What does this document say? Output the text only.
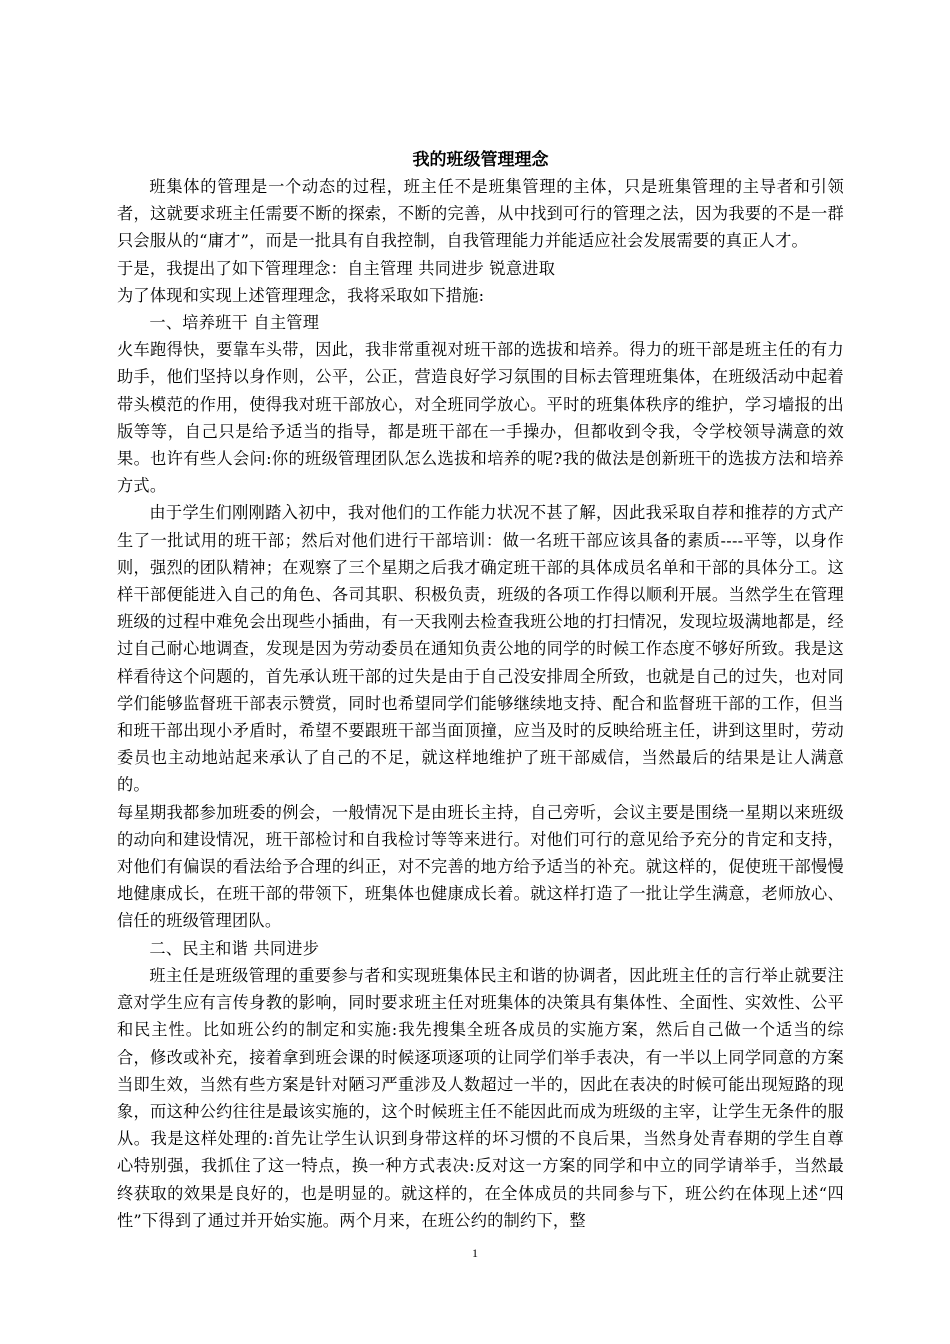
我的班级管理理念

班集体的管理是一个动态的过程，班主任不是班集管理的主体，只是班集管理的主导者和引领者，这就要求班主任需要不断的探索，不断的完善，从中找到可行的管理之法，因为我要的不是一群只会服从的“庸才”，而是一批具有自我控制，自我管理能力并能适应社会发展需要的真正人才。

于是，我提出了如下管理理念：自主管理 共同进步 锐意进取

为了体现和实现上述管理理念，我将采取如下措施:

一、培养班干 自主管理

火车跑得快，要靠车头带，因此，我非常重视对班干部的选拔和培养。得力的班干部是班主任的有力助手，他们坚持以身作则，公平，公正，营造良好学习氛围的目标去管理班集体，在班级活动中起着带头模范的作用，使得我对班干部放心，对全班同学放心。平时的班集体秩序的维护，学习墙报的出版等等，自己只是给予适当的指导，都是班干部在一手操办，但都收到令我，令学校领导满意的效果。也许有些人会问:你的班级管理团队怎么选拔和培养的呢?我的做法是创新班干的选拔方法和培养方式。

由于学生们刚刚踏入初中，我对他们的工作能力状况不甚了解，因此我采取自荐和推荐的方式产生了一批试用的班干部；然后对他们进行干部培训：做一名班干部应该具备的素质----平等，以身作则，强烈的团队精神；在观察了三个星期之后我才确定班干部的具体成员名单和干部的具体分工。这样干部便能进入自己的角色、各司其职、积极负责，班级的各项工作得以顺利开展。当然学生在管理班级的过程中难免会出现些小插曲，有一天我刚去检查我班公地的打扫情况，发现垃圾满地都是，经过自己耐心地调查，发现是因为劳动委员在通知负责公地的同学的时候工作态度不够好所致。我是这样看待这个问题的，首先承认班干部的过失是由于自己没安排周全所致，也就是自己的过失，也对同学们能够监督班干部表示赞赏，同时也希望同学们能够继续地支持、配合和监督班干部的工作，但当和班干部出现小矛盾时，希望不要跟班干部当面顶撞，应当及时的反映给班主任，讲到这里时，劳动委员也主动地站起来承认了自己的不足，就这样地维护了班干部威信，当然最后的结果是让人满意的。

每星期我都参加班委的例会，一般情况下是由班长主持，自己旁听，会议主要是围绕一星期以来班级的动向和建设情况，班干部检讨和自我检讨等等来进行。对他们可行的意见给予充分的肯定和支持，对他们有偏误的看法给予合理的纠正，对不完善的地方给予适当的补充。就这样的，促使班干部慢慢地健康成长，在班干部的带领下，班集体也健康成长着。就这样打造了一批让学生满意，老师放心、信任的班级管理团队。

二、民主和谐 共同进步

班主任是班级管理的重要参与者和实现班集体民主和谐的协调者，因此班主任的言行举止就要注意对学生应有言传身教的影响，同时要求班主任对班集体的决策具有集体性、全面性、实效性、公平和民主性。比如班公约的制定和实施:我先搜集全班各成员的实施方案，然后自己做一个适当的综合，修改或补充，接着拿到班会课的时候逐项逐项的让同学们举手表决，有一半以上同学同意的方案当即生效，当然有些方案是针对陋习严重涉及人数超过一半的，因此在表决的时候可能出现短路的现象，而这种公约往往是最该实施的，这个时候班主任不能因此而成为班级的主宰，让学生无条件的服从。我是这样处理的:首先让学生认识到身带这样的坏习惯的不良后果，当然身处青春期的学生自尊心特别强，我抓住了这一特点，换一种方式表决:反对这一方案的同学和中立的同学请举手，当然最终获取的效果是良好的，也是明显的。就这样的，在全体成员的共同参与下，班公约在体现上述“四性”下得到了通过并开始实施。两个月来，在班公约的制约下，整

1
